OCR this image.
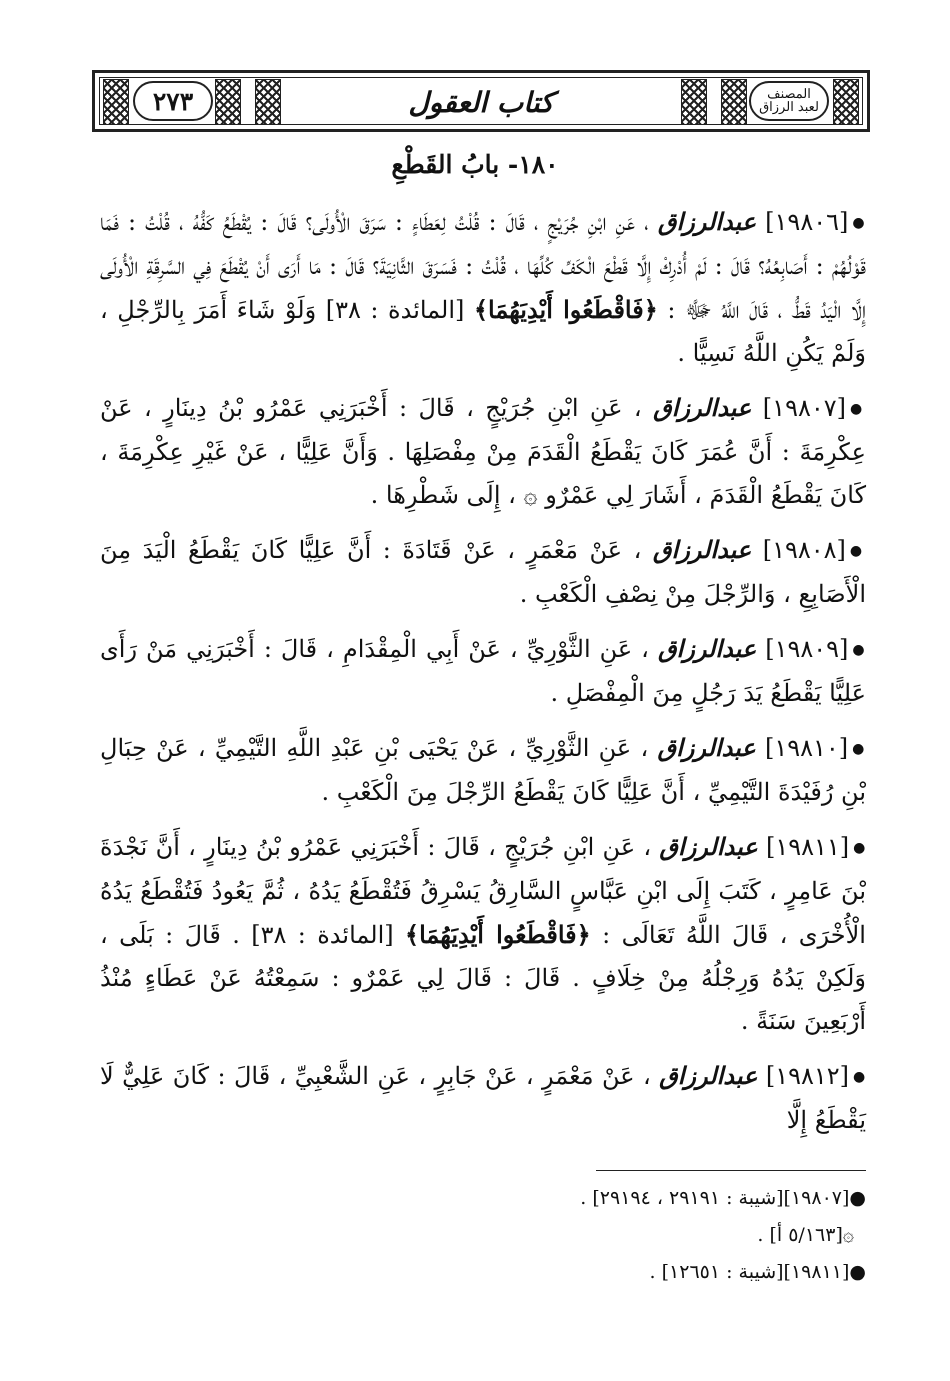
٢٧٣	كتاب العقول	المصنف
لعبد الرزاق
١٨٠- بابُ القَطْعِ

●[١٩٨٠٦] عبدالرزاق ، عَنِ ابْنِ جُرَيْجٍ ، قَالَ : قُلْتُ لِعَطَاءٍ : سَرَقَ الْأُولَى؟ قَالَ : يُقْطَعُ كَفُّهُ ، قُلْتُ : فَمَا قَوْلُهُمْ : أَصَابِعُهُ؟ قَالَ : لَمْ أُدْرِكْ إِلَّا قَطْعَ الْكَفِّ كُلِّهَا ، قُلْتُ : فَسَرَقَ الثَّانِيَةَ؟ قَالَ : مَا أَرَى أَنْ يُقْطَعَ فِي السَّرِقَةِ الْأُولَى إِلَّا الْيَدُ قَطُّ ، قَالَ اللَّهُ ﷻ : ﴿فَاقْطَعُوا أَيْدِيَهُمَا﴾ [المائدة : ٣٨] وَلَوْ شَاءَ أَمَرَ بِالرِّجْلِ ، وَلَمْ يَكُنِ اللَّهُ نَسِيًّا .

●[١٩٨٠٧] عبدالرزاق ، عَنِ ابْنِ جُرَيْجٍ ، قَالَ : أَخْبَرَنِي عَمْرُو بْنُ دِينَارٍ ، عَنْ عِكْرِمَةَ : أَنَّ عُمَرَ كَانَ يَقْطَعُ الْقَدَمَ مِنْ مِفْصَلِهَا . وَأَنَّ عَلِيًّا ، عَنْ غَيْرِ عِكْرِمَةَ ، كَانَ يَقْطَعُ الْقَدَمَ ، أَشَارَ لِي عَمْرٌو ۞ ، إِلَى شَطْرِهَا .

●[١٩٨٠٨] عبدالرزاق ، عَنْ مَعْمَرٍ ، عَنْ قَتَادَةَ : أَنَّ عَلِيًّا كَانَ يَقْطَعُ الْيَدَ مِنَ الْأَصَابِعِ ، وَالرِّجْلَ مِنْ نِصْفِ الْكَعْبِ .

●[١٩٨٠٩] عبدالرزاق ، عَنِ الثَّوْرِيِّ ، عَنْ أَبِي الْمِقْدَامِ ، قَالَ : أَخْبَرَنِي مَنْ رَأَى عَلِيًّا يَقْطَعُ يَدَ رَجُلٍ مِنَ الْمِفْصَلِ .

●[١٩٨١٠] عبدالرزاق ، عَنِ الثَّوْرِيِّ ، عَنْ يَحْيَى بْنِ عَبْدِ اللَّهِ التَّيْمِيِّ ، عَنْ حِبَالِ بْنِ رُفَيْدَةَ التَّيْمِيِّ ، أَنَّ عَلِيًّا كَانَ يَقْطَعُ الرِّجْلَ مِنَ الْكَعْبِ .

●[١٩٨١١] عبدالرزاق ، عَنِ ابْنِ جُرَيْجٍ ، قَالَ : أَخْبَرَنِي عَمْرُو بْنُ دِينَارٍ ، أَنَّ نَجْدَةَ بْنَ عَامِرٍ ، كَتَبَ إِلَى ابْنِ عَبَّاسٍ السَّارِقُ يَسْرِقُ فَتُقْطَعُ يَدُهُ ، ثُمَّ يَعُودُ فَتُقْطَعُ يَدُهُ الْأُخْرَى ، قَالَ اللَّهُ تَعَالَى : ﴿فَاقْطَعُوا أَيْدِيَهُمَا﴾ [المائدة : ٣٨] . قَالَ : بَلَى ، وَلَكِنْ يَدُهُ وَرِجْلُهُ مِنْ خِلَافٍ . قَالَ : قَالَ لِي عَمْرٌو : سَمِعْتُهُ عَنْ عَطَاءٍ مُنْذُ أَرْبَعِينَ سَنَةً .

●[١٩٨١٢] عبدالرزاق ، عَنْ مَعْمَرٍ ، عَنْ جَابِرٍ ، عَنِ الشَّعْبِيِّ ، قَالَ : كَانَ عَلِيٌّ لَا يَقْطَعُ إِلَّا

●[١٩٨٠٧][شيبة : ٢٩١٩١ ، ٢٩١٩٤] .
۞[٥/١٦٣ أ] .
●[١٩٨١١][شيبة : ١٢٦٥١] .
